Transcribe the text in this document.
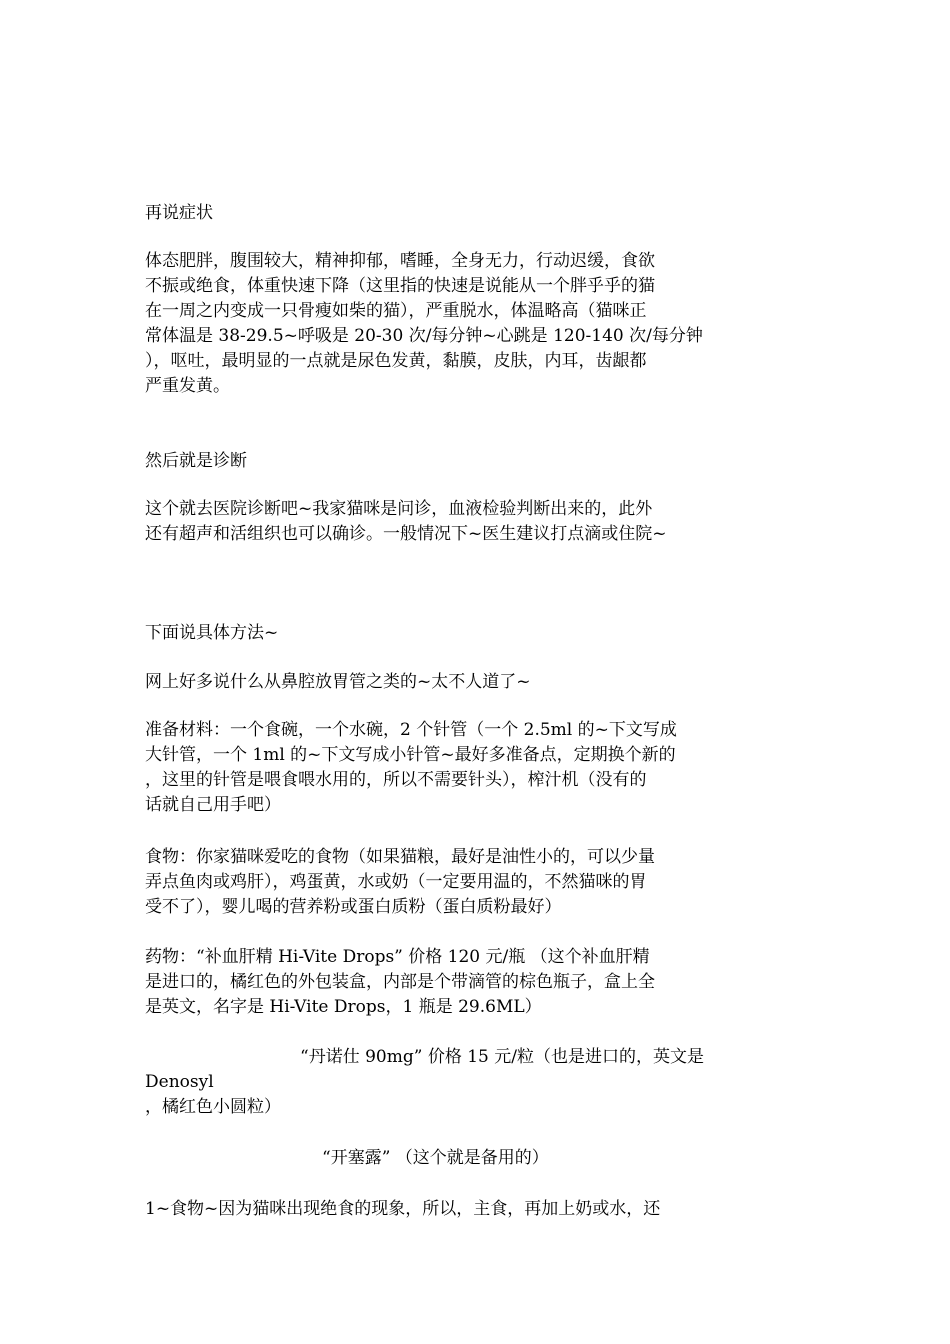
再说症状
体态肥胖，腹围较大，精神抑郁，嗜睡，全身无力，行动迟缓，食欲
不振或绝食，体重快速下降（这里指的快速是说能从一个胖乎乎的猫
在一周之内变成一只骨瘦如柴的猫），严重脱水，体温略高（猫咪正
常体温是 38-29.5~呼吸是 20-30 次/每分钟~心跳是 120-140 次/每分钟
），呕吐，最明显的一点就是尿色发黄，黏膜，皮肤，内耳，齿龈都
严重发黄。
然后就是诊断
这个就去医院诊断吧~我家猫咪是问诊，血液检验判断出来的，此外
还有超声和活组织也可以确诊。一般情况下~医生建议打点滴或住院~
下面说具体方法~
网上好多说什么从鼻腔放胃管之类的~太不人道了~
准备材料：一个食碗，一个水碗，2 个针管（一个 2.5ml 的~下文写成
大针管，一个 1ml 的~下文写成小针管~最好多准备点，定期换个新的
，这里的针管是喂食喂水用的，所以不需要针头），榨汁机（没有的
话就自己用手吧）
食物：你家猫咪爱吃的食物（如果猫粮，最好是油性小的，可以少量
弄点鱼肉或鸡肝），鸡蛋黄，水或奶（一定要用温的，不然猫咪的胃
受不了），婴儿喝的营养粉或蛋白质粉（蛋白质粉最好）
药物：“补血肝精 Hi-Vite Drops” 价格 120 元/瓶 （这个补血肝精
是进口的，橘红色的外包装盒，内部是个带滴管的棕色瓶子，盒上全
是英文，名字是 Hi-Vite Drops，1 瓶是 29.6ML）
“丹诺仕 90mg” 价格 15 元/粒（也是进口的，英文是
Denosyl
，橘红色小圆粒）
“开塞露” （这个就是备用的）
1~食物~因为猫咪出现绝食的现象，所以，主食，再加上奶或水，还
